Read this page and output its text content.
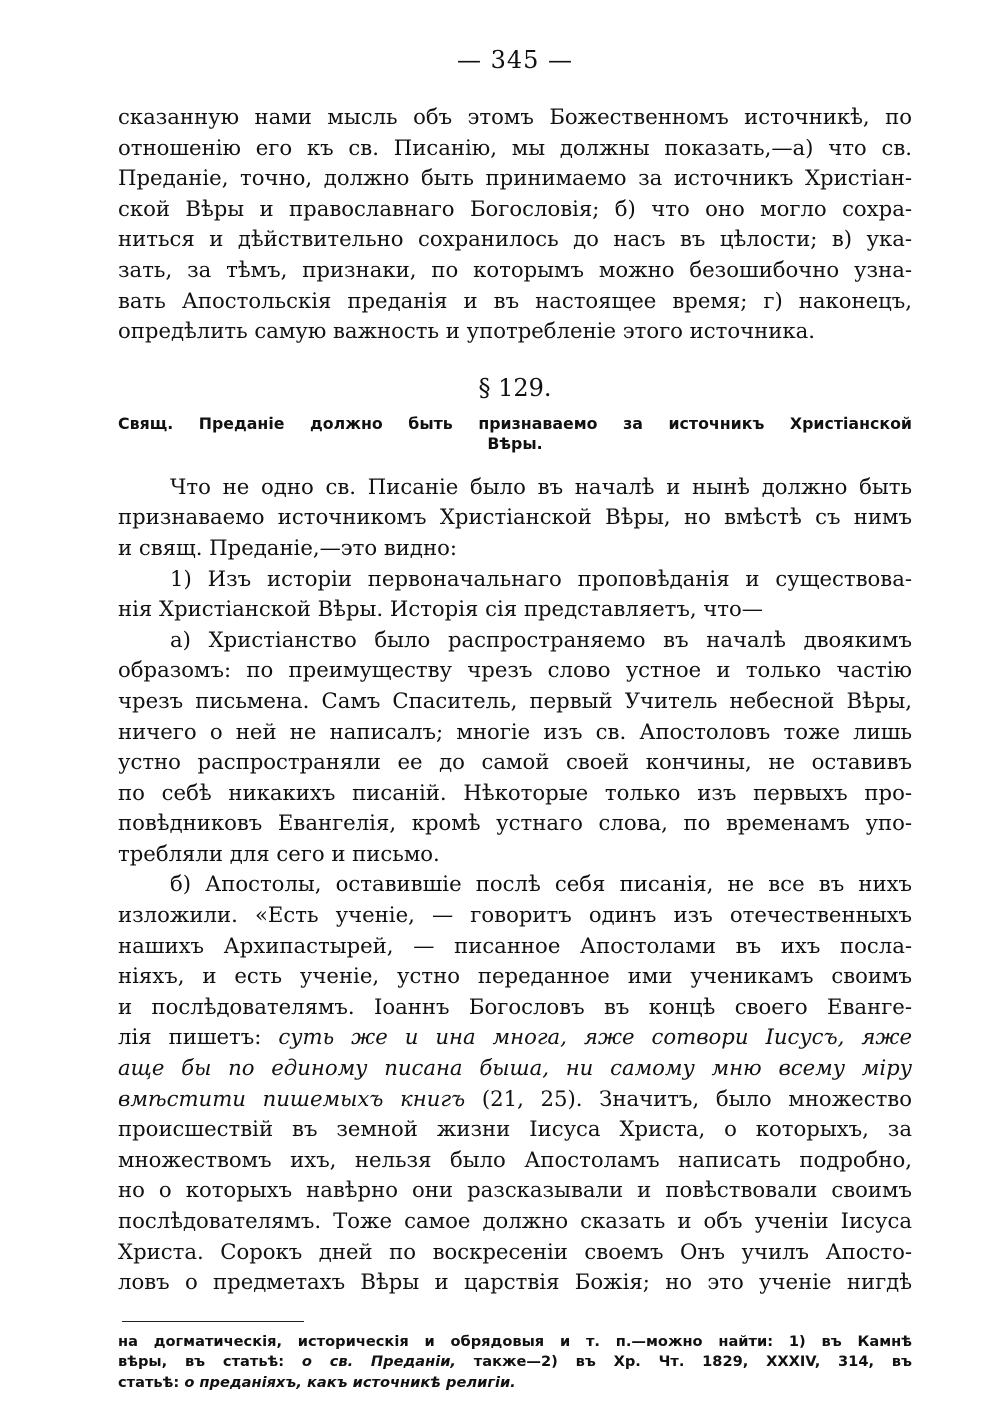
— 345 —
сказанную нами мысль объ этомъ Божественномъ источникѣ, по
отношенію его къ св. Писанію, мы должны показать,—а) что св.
Преданіе, точно, должно быть принимаемо за источникъ Христіан-
ской Вѣры и православнаго Богословія; б) что оно могло сохра-
ниться и дѣйствительно сохранилось до насъ въ цѣлости; в) ука-
зать, за тѣмъ, признаки, по которымъ можно безошибочно узна-
вать Апостольскія преданія и въ настоящее время; г) наконецъ,
опредѣлить самую важность и употребленіе этого источника.
§ 129.
Свящ. Преданіе должно быть признаваемо за источникъ Христіанской
Вѣры.
Что не одно св. Писаніе было въ началѣ и нынѣ должно быть
признаваемо источникомъ Христіанской Вѣры, но вмѣстѣ съ нимъ
и свящ. Преданіе,—это видно:
1) Изъ исторіи первоначальнаго проповѣданія и существова-
нія Христіанской Вѣры. Исторія сія представляетъ, что—
а) Христіанство было распространяемо въ началѣ двоякимъ
образомъ: по преимуществу чрезъ слово устное и только частію
чрезъ письмена. Самъ Спаситель, первый Учитель небесной Вѣры,
ничего о ней не написалъ; многіе изъ св. Апостоловъ тоже лишь
устно распространяли ее до самой своей кончины, не оставивъ
по себѣ никакихъ писаній. Нѣкоторые только изъ первыхъ про-
повѣдниковъ Евангелія, кромѣ устнаго слова, по временамъ упо-
требляли для сего и письмо.
б) Апостолы, оставившіе послѣ себя писанія, не все въ нихъ
изложили. «Есть ученіе, — говоритъ одинъ изъ отечественныхъ
нашихъ Архипастырей, — писанное Апостолами въ ихъ посла-
ніяхъ, и есть ученіе, устно переданное ими ученикамъ своимъ
и послѣдователямъ. Іоаннъ Богословъ въ концѣ своего Еванге-
лія пишетъ: суть же и ина многа, яже сотвори Іисусъ, яже
аще бы по единому писана быша, ни самому мню всему міру
вмѣстити пишемыхъ книгъ (21, 25). Значитъ, было множество
происшествій въ земной жизни Іисуса Христа, о которыхъ, за
множествомъ ихъ, нельзя было Апостоламъ написать подробно,
но о которыхъ навѣрно они разсказывали и повѣствовали своимъ
послѣдователямъ. Тоже самое должно сказать и объ ученіи Іисуса
Христа. Сорокъ дней по воскресеніи своемъ Онъ училъ Апосто-
ловъ о предметахъ Вѣры и царствія Божія; но это ученіе нигдѣ
на догматическія, историческія и обрядовыя и т. п.—можно найти: 1) въ Камнѣ
вѣры, въ статьѣ: о св. Преданіи, также—2) въ Хр. Чт. 1829, XXXIV, 314, въ
статьѣ: о преданіяхъ, какъ источникѣ религіи.
